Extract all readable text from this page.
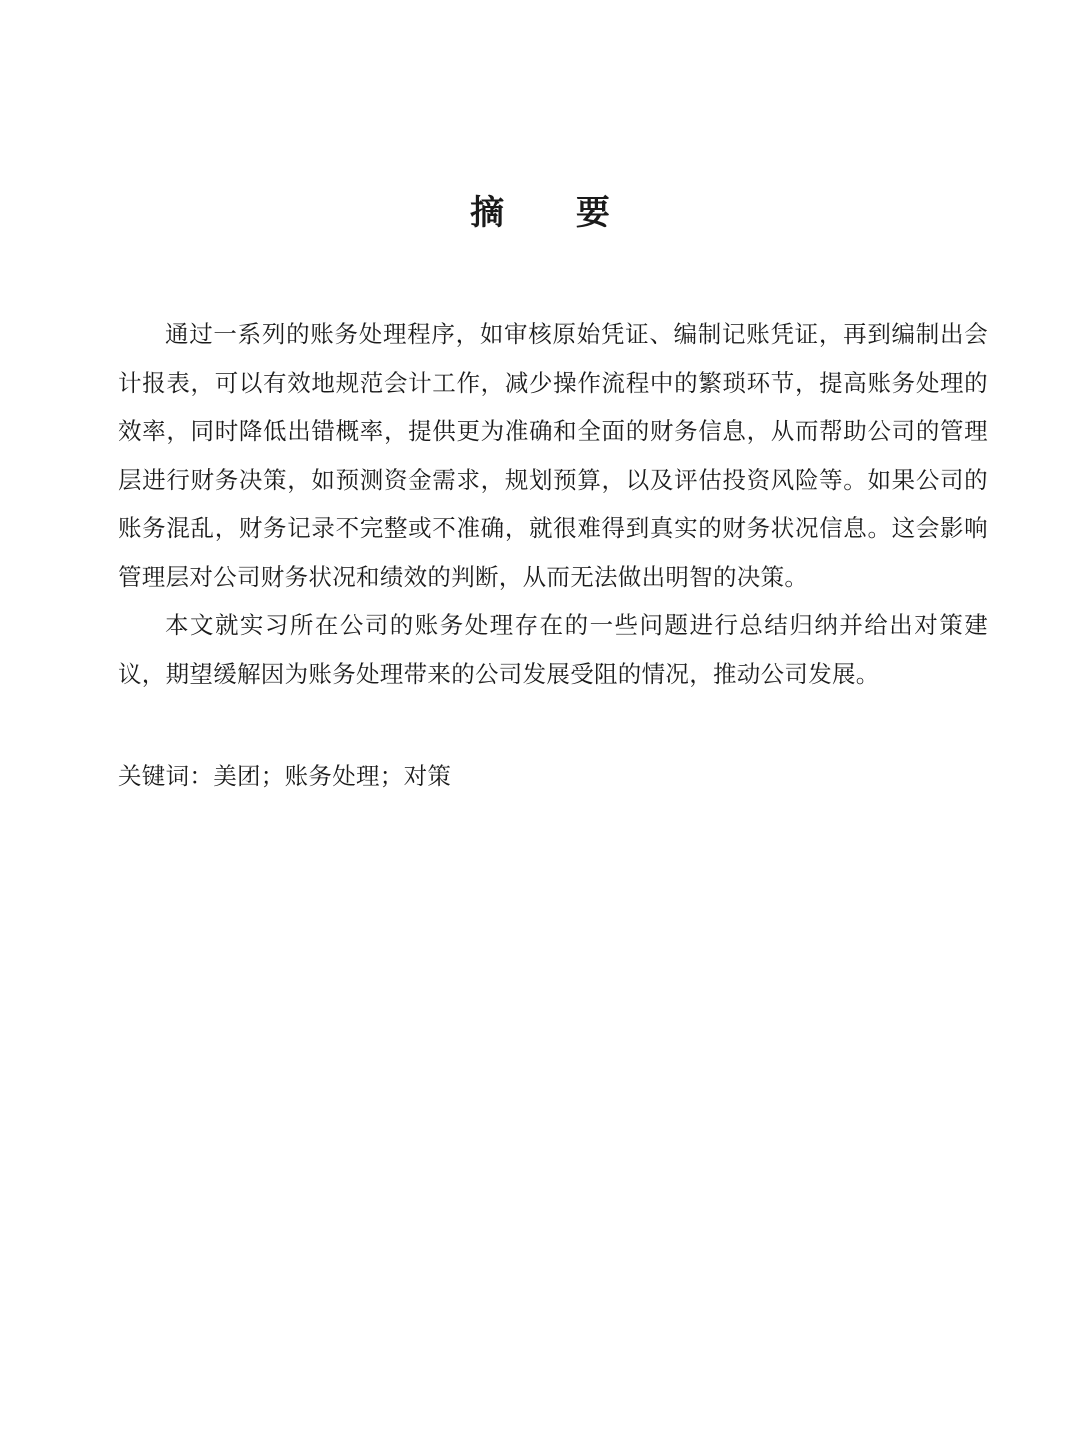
摘 要

通过一系列的账务处理程序，如审核原始凭证、编制记账凭证，再到编制出会计报表，可以有效地规范会计工作，减少操作流程中的繁琐环节，提高账务处理的效率，同时降低出错概率，提供更为准确和全面的财务信息，从而帮助公司的管理层进行财务决策，如预测资金需求，规划预算，以及评估投资风险等。如果公司的账务混乱，财务记录不完整或不准确，就很难得到真实的财务状况信息。这会影响管理层对公司财务状况和绩效的判断，从而无法做出明智的决策。

本文就实习所在公司的账务处理存在的一些问题进行总结归纳并给出对策建议，期望缓解因为账务处理带来的公司发展受阻的情况，推动公司发展。

关键词：美团；账务处理；对策
